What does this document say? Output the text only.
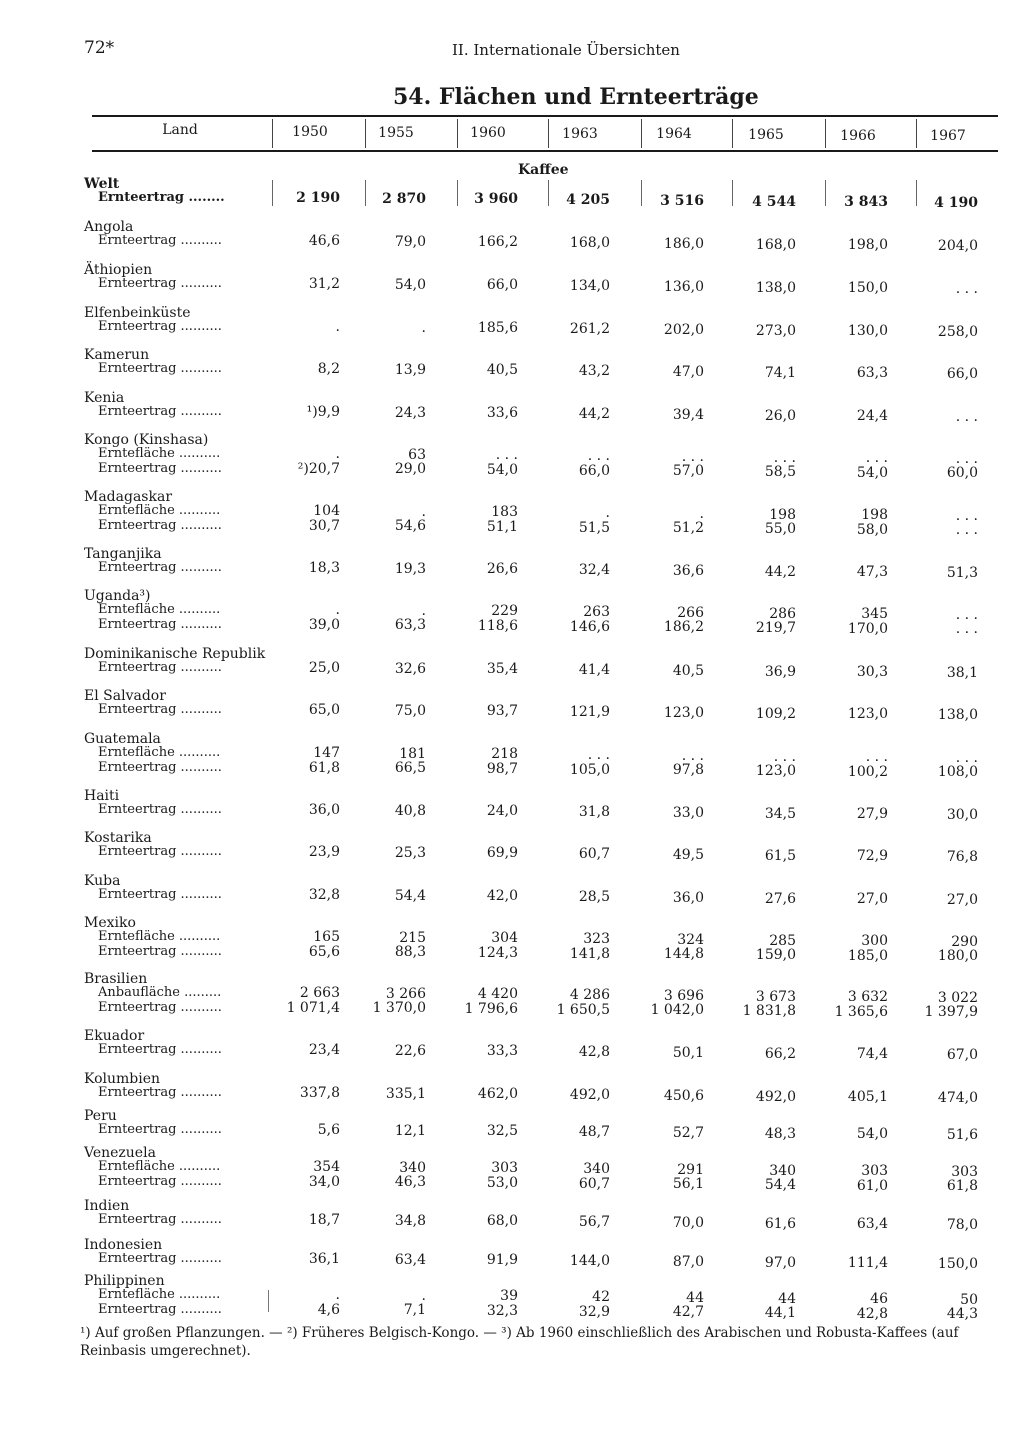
72*	II. Internationale Übersichten
54. Flächen und Ernteerträge
Land	1950	1955	1960	1963	1964	1965	1966	1967
Kaffee
Welt
Ernteertrag ........	2 190	2 870	3 960	4 205	3 516	4 544	3 843	4 190
Angola
Ernteertrag ..........	46,6	79,0	166,2	168,0	186,0	168,0	198,0	204,0
Äthiopien
Ernteertrag ..........	31,2	54,0	66,0	134,0	136,0	138,0	150,0	. . .
Elfenbeinküste
Ernteertrag ..........	.	.	185,6	261,2	202,0	273,0	130,0	258,0
Kamerun
Ernteertrag ..........	8,2	13,9	40,5	43,2	47,0	74,1	63,3	66,0
Kenia
Ernteertrag ..........	¹)9,9	24,3	33,6	44,2	39,4	26,0	24,4	. . .
Kongo (Kinshasa)
Erntefläche ..........	.	63	. . .	. . .	. . .	. . .	. . .	. . .
Ernteertrag ..........	²)20,7	29,0	54,0	66,0	57,0	58,5	54,0	60,0
Madagaskar
Erntefläche ..........	104	.	183	.	.	198	198	. . .
Ernteertrag ..........	30,7	54,6	51,1	51,5	51,2	55,0	58,0	. . .
Tanganjika
Ernteertrag ..........	18,3	19,3	26,6	32,4	36,6	44,2	47,3	51,3
Uganda³)
Erntefläche ..........	.	.	229	263	266	286	345	. . .
Ernteertrag ..........	39,0	63,3	118,6	146,6	186,2	219,7	170,0	. . .
Dominikanische Republik
Ernteertrag ..........	25,0	32,6	35,4	41,4	40,5	36,9	30,3	38,1
El Salvador
Ernteertrag ..........	65,0	75,0	93,7	121,9	123,0	109,2	123,0	138,0
Guatemala
Erntefläche ..........	147	181	218	. . .	. . .	. . .	. . .	. . .
Ernteertrag ..........	61,8	66,5	98,7	105,0	97,8	123,0	100,2	108,0
Haiti
Ernteertrag ..........	36,0	40,8	24,0	31,8	33,0	34,5	27,9	30,0
Kostarika
Ernteertrag ..........	23,9	25,3	69,9	60,7	49,5	61,5	72,9	76,8
Kuba
Ernteertrag ..........	32,8	54,4	42,0	28,5	36,0	27,6	27,0	27,0
Mexiko
Erntefläche ..........	165	215	304	323	324	285	300	290
Ernteertrag ..........	65,6	88,3	124,3	141,8	144,8	159,0	185,0	180,0
Brasilien
Anbaufläche .........	2 663	3 266	4 420	4 286	3 696	3 673	3 632	3 022
Ernteertrag ..........	1 071,4	1 370,0	1 796,6	1 650,5	1 042,0	1 831,8	1 365,6	1 397,9
Ekuador
Ernteertrag ..........	23,4	22,6	33,3	42,8	50,1	66,2	74,4	67,0
Kolumbien
Ernteertrag ..........	337,8	335,1	462,0	492,0	450,6	492,0	405,1	474,0
Peru
Ernteertrag ..........	5,6	12,1	32,5	48,7	52,7	48,3	54,0	51,6
Venezuela
Erntefläche ..........	354	340	303	340	291	340	303	303
Ernteertrag ..........	34,0	46,3	53,0	60,7	56,1	54,4	61,0	61,8
Indien
Ernteertrag ..........	18,7	34,8	68,0	56,7	70,0	61,6	63,4	78,0
Indonesien
Ernteertrag ..........	36,1	63,4	91,9	144,0	87,0	97,0	111,4	150,0
Philippinen
Erntefläche ..........	.	.	39	42	44	44	46	50
Ernteertrag ..........	4,6	7,1	32,3	32,9	42,7	44,1	42,8	44,3
¹) Auf großen Pflanzungen. — ²) Früheres Belgisch-Kongo. — ³) Ab 1960 einschließlich des Arabischen und Robusta-Kaffees (auf Reinbasis umgerechnet).
